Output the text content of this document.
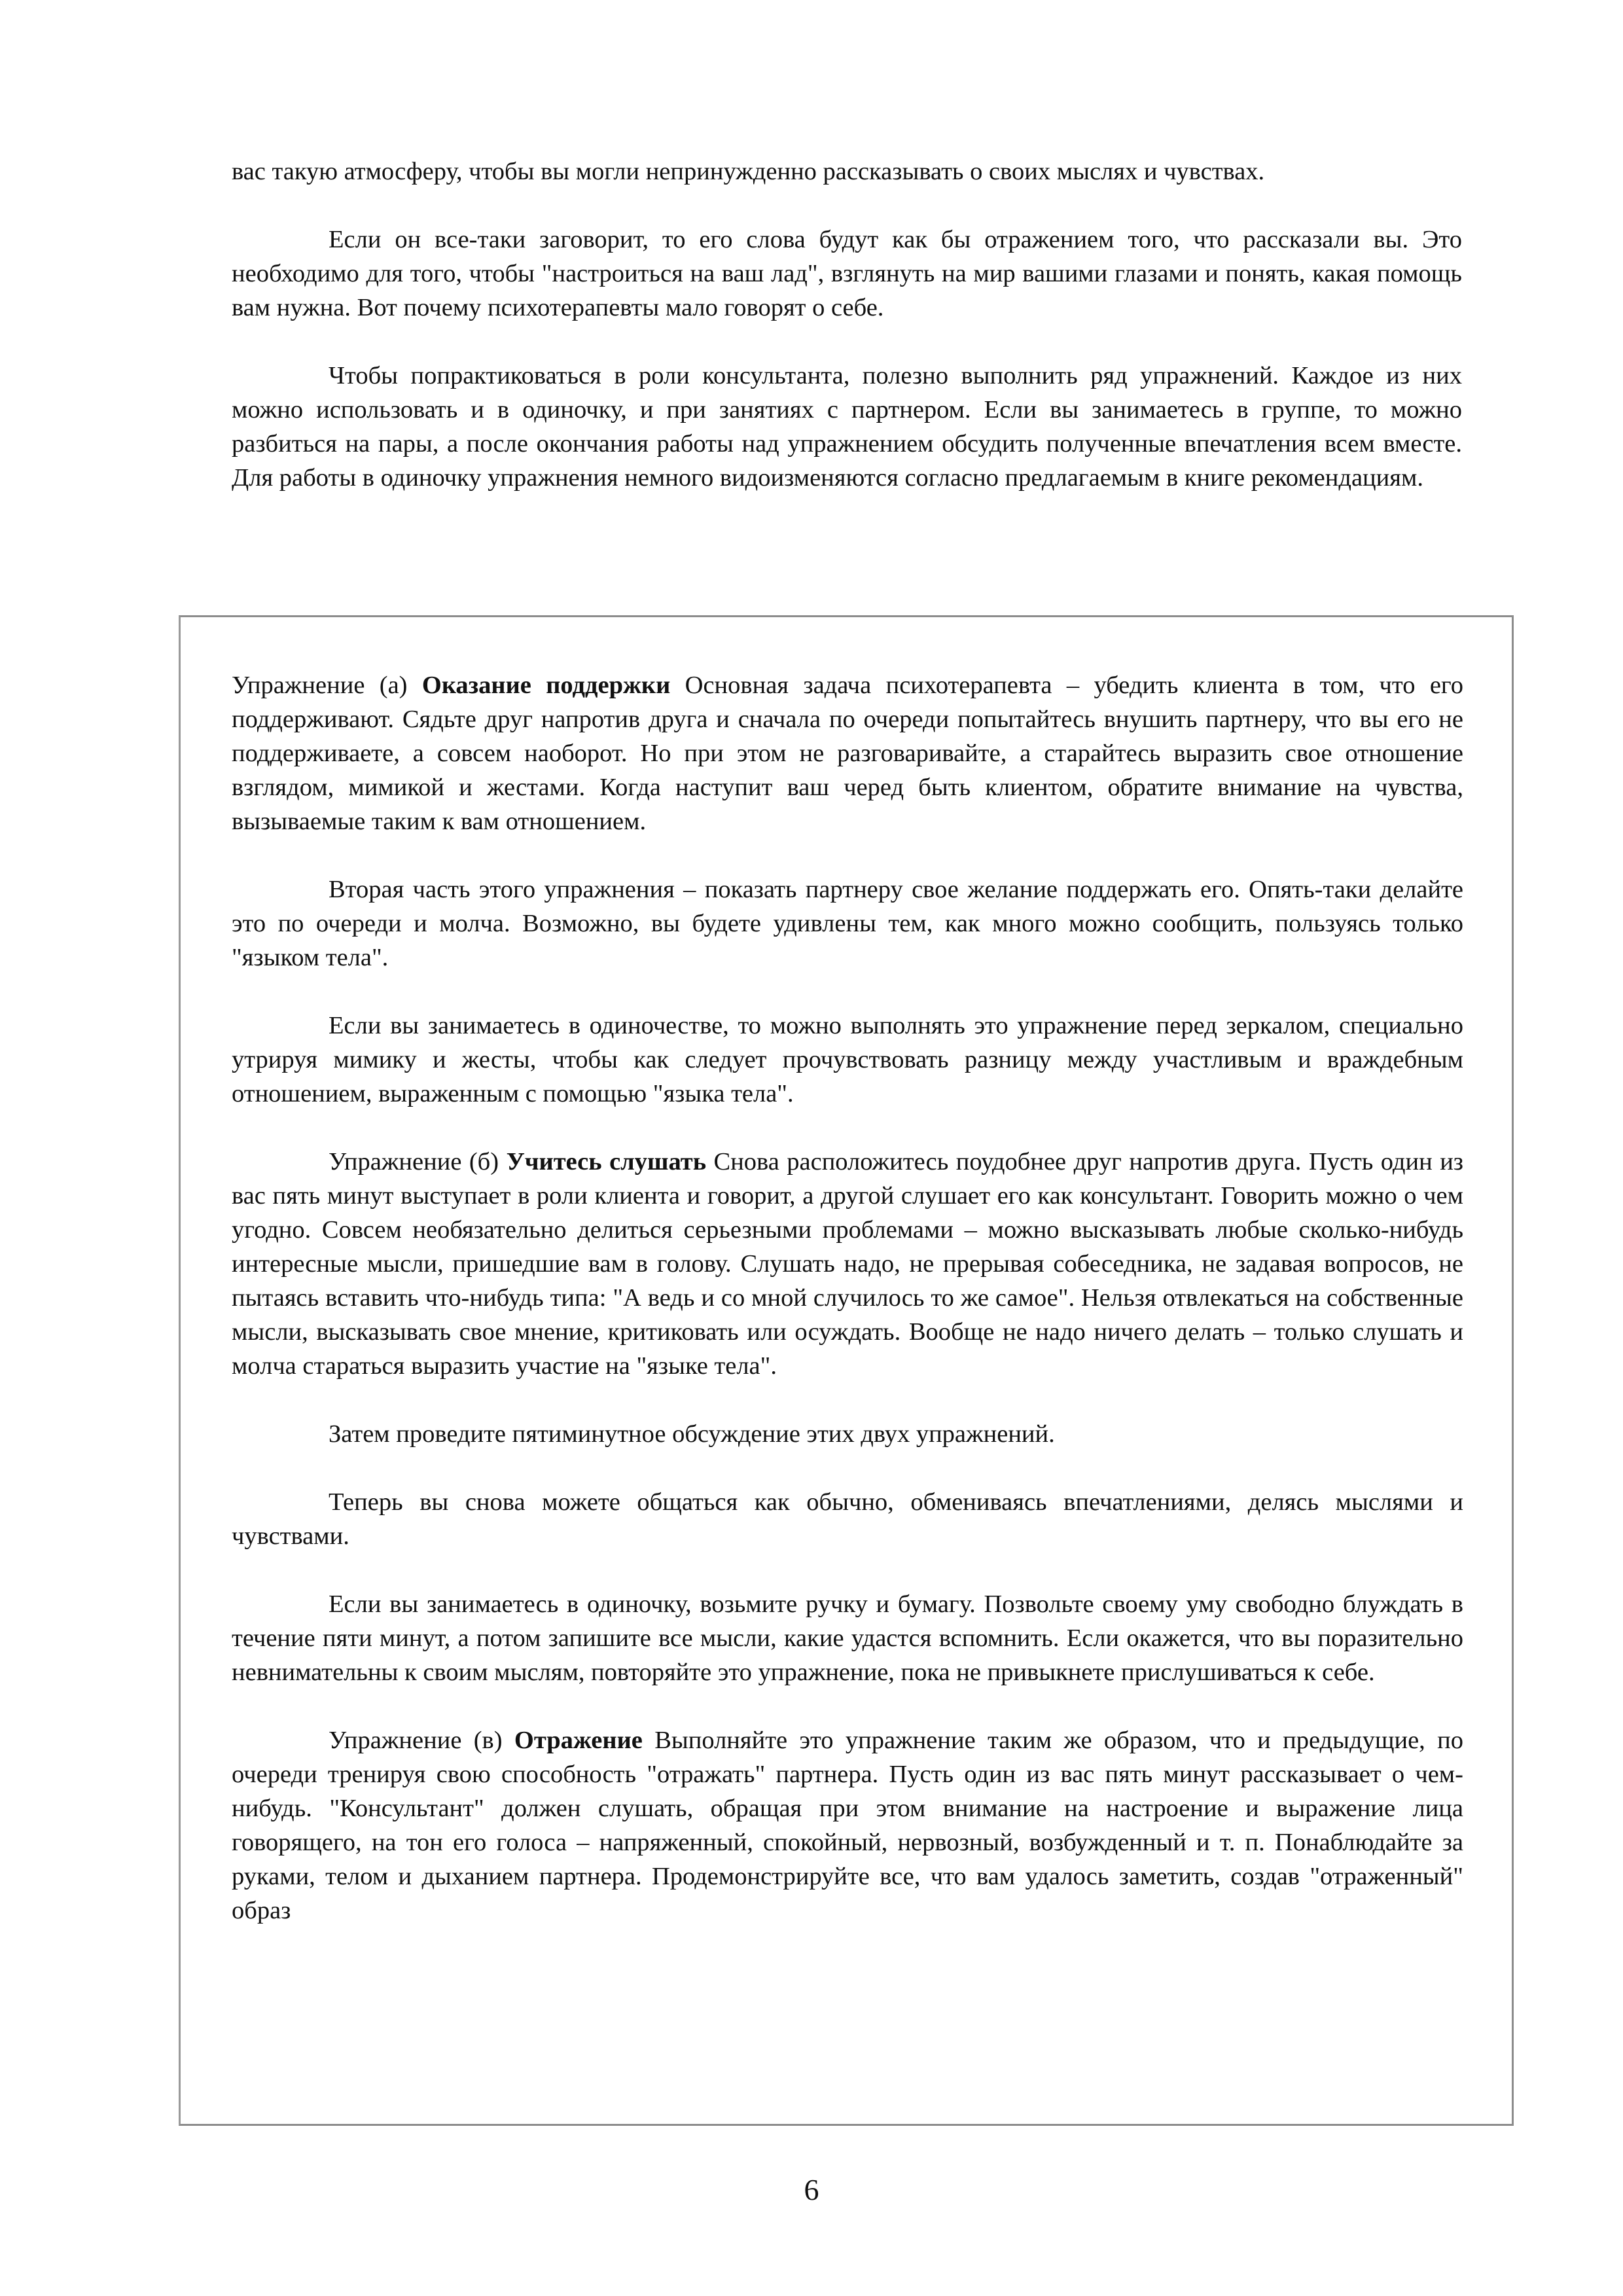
вас такую атмосферу, чтобы вы могли непринужденно рассказывать о своих мыслях и чувствах.

Если он все-таки заговорит, то его слова будут как бы отражением того, что рассказали вы. Это необходимо для того, чтобы "настроиться на ваш лад", взглянуть на мир вашими глазами и понять, какая помощь вам нужна. Вот почему психотерапевты мало говорят о себе.

Чтобы попрактиковаться в роли консультанта, полезно выполнить ряд упражнений. Каждое из них можно использовать и в одиночку, и при занятиях с партнером. Если вы занимаетесь в группе, то можно разбиться на пары, а после окончания работы над упражнением обсудить полученные впечатления всем вместе. Для работы в одиночку упражнения немного видоизменяются согласно предлагаемым в книге рекомендациям.

Упражнение (а) Оказание поддержки Основная задача психотерапевта – убедить клиента в том, что его поддерживают. Сядьте друг напротив друга и сначала по очереди попытайтесь внушить партнеру, что вы его не поддерживаете, а совсем наоборот. Но при этом не разговаривайте, а старайтесь выразить свое отношение взглядом, мимикой и жестами. Когда наступит ваш черед быть клиентом, обратите внимание на чувства, вызываемые таким к вам отношением.

Вторая часть этого упражнения – показать партнеру свое желание поддержать его. Опять-таки делайте это по очереди и молча. Возможно, вы будете удивлены тем, как много можно сообщить, пользуясь только "языком тела".

Если вы занимаетесь в одиночестве, то можно выполнять это упражнение перед зеркалом, специально утрируя мимику и жесты, чтобы как следует прочувствовать разницу между участливым и враждебным отношением, выраженным с помощью "языка тела".

Упражнение (б) Учитесь слушать Снова расположитесь поудобнее друг напротив друга. Пусть один из вас пять минут выступает в роли клиента и говорит, а другой слушает его как консультант. Говорить можно о чем угодно. Совсем необязательно делиться серьезными проблемами – можно высказывать любые сколько-нибудь интересные мысли, пришедшие вам в голову. Слушать надо, не прерывая собеседника, не задавая вопросов, не пытаясь вставить что-нибудь типа: "А ведь и со мной случилось то же самое". Нельзя отвлекаться на собственные мысли, высказывать свое мнение, критиковать или осуждать. Вообще не надо ничего делать – только слушать и молча стараться выразить участие на "языке тела".

Затем проведите пятиминутное обсуждение этих двух упражнений.

Теперь вы снова можете общаться как обычно, обмениваясь впечатлениями, делясь мыслями и чувствами.

Если вы занимаетесь в одиночку, возьмите ручку и бумагу. Позвольте своему уму свободно блуждать в течение пяти минут, а потом запишите все мысли, какие удастся вспомнить. Если окажется, что вы поразительно невнимательны к своим мыслям, повторяйте это упражнение, пока не привыкнете прислушиваться к себе.

Упражнение (в) Отражение Выполняйте это упражнение таким же образом, что и предыдущие, по очереди тренируя свою способность "отражать" партнера. Пусть один из вас пять минут рассказывает о чем-нибудь. "Консультант" должен слушать, обращая при этом внимание на настроение и выражение лица говорящего, на тон его голоса – напряженный, спокойный, нервозный, возбужденный и т. п. Понаблюдайте за руками, телом и дыханием партнера. Продемонстрируйте все, что вам удалось заметить, создав "отраженный" образ

6
